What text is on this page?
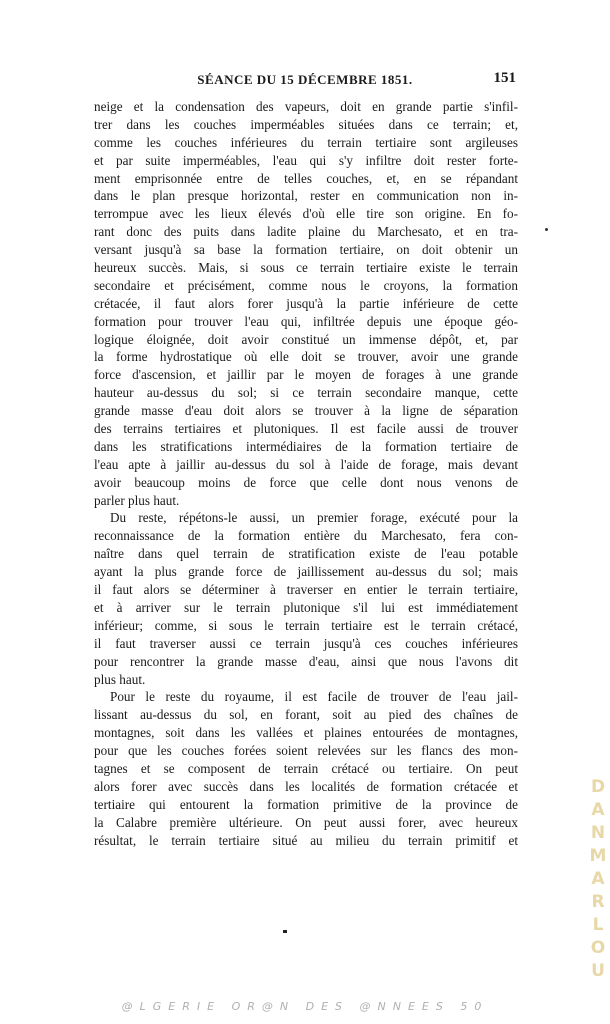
SÉANCE DU 15 DÉCEMBRE 1851.	151
neige et la condensation des vapeurs, doit en grande partie s'infil-
trer dans les couches imperméables situées dans ce terrain; et,
comme les couches inférieures du terrain tertiaire sont argileuses
et par suite imperméables, l'eau qui s'y infiltre doit rester forte-
ment emprisonnée entre de telles couches, et, en se répandant
dans le plan presque horizontal, rester en communication non in-
terrompue avec les lieux élevés d'où elle tire son origine. En fo-
rant donc des puits dans ladite plaine du Marchesato, et en tra-
versant jusqu'à sa base la formation tertiaire, on doit obtenir un
heureux succès. Mais, si sous ce terrain tertiaire existe le terrain
secondaire et précisément, comme nous le croyons, la formation
crétacée, il faut alors forer jusqu'à la partie inférieure de cette
formation pour trouver l'eau qui, infiltrée depuis une époque géo-
logique éloignée, doit avoir constitué un immense dépôt, et, par
la forme hydrostatique où elle doit se trouver, avoir une grande
force d'ascension, et jaillir par le moyen de forages à une grande
hauteur au-dessus du sol; si ce terrain secondaire manque, cette
grande masse d'eau doit alors se trouver à la ligne de séparation
des terrains tertiaires et plutoniques. Il est facile aussi de trouver
dans les stratifications intermédiaires de la formation tertiaire de
l'eau apte à jaillir au-dessus du sol à l'aide de forage, mais devant
avoir beaucoup moins de force que celle dont nous venons de
parler plus haut.
Du reste, répétons-le aussi, un premier forage, exécuté pour la
reconnaissance de la formation entière du Marchesato, fera con-
naître dans quel terrain de stratification existe de l'eau potable
ayant la plus grande force de jaillissement au-dessus du sol; mais
il faut alors se déterminer à traverser en entier le terrain tertiaire,
et à arriver sur le terrain plutonique s'il lui est immédiatement
inférieur; comme, si sous le terrain tertiaire est le terrain crétacé,
il faut traverser aussi ce terrain jusqu'à ces couches inférieures
pour rencontrer la grande masse d'eau, ainsi que nous l'avons dit
plus haut.
Pour le reste du royaume, il est facile de trouver de l'eau jail-
lissant au-dessus du sol, en forant, soit au pied des chaînes de
montagnes, soit dans les vallées et plaines entourées de montagnes,
pour que les couches forées soient relevées sur les flancs des mon-
tagnes et se composent de terrain crétacé ou tertiaire. On peut
alors forer avec succès dans les localités de formation crétacée et
tertiaire qui entourent la formation primitive de la province de
la Calabre première ultérieure. On peut aussi forer, avec heureux
résultat, le terrain tertiaire situé au milieu du terrain primitif et
DANMARLOU
@LGERIE OR@N DES @NNEES 50
